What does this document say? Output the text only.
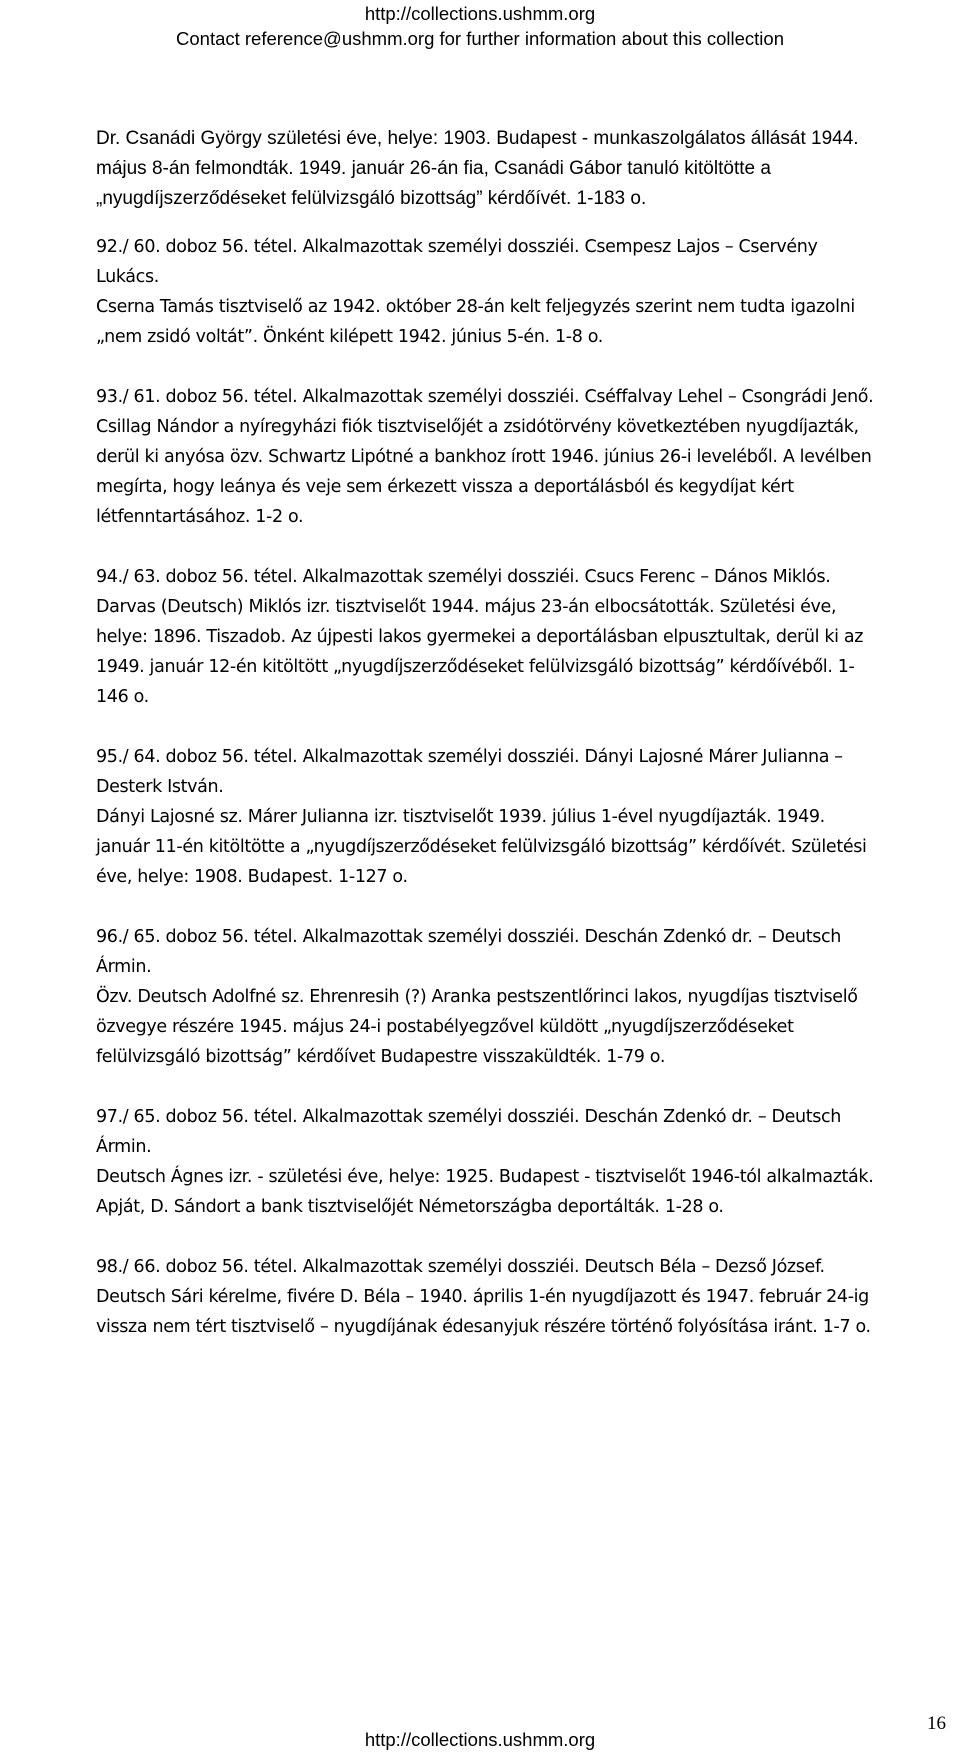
http://collections.ushmm.org
Contact reference@ushmm.org for further information about this collection

Dr. Csanádi György születési éve, helye: 1903. Budapest - munkaszolgálatos állását 1944. május 8-án felmondták. 1949. január 26-án fia, Csanádi Gábor tanuló kitöltötte a „nyugdíjszerződéseket felülvizsgáló bizottság” kérdőívét. 1-183 o.

92./ 60. doboz 56. tétel. Alkalmazottak személyi dossziéi. Csempesz Lajos – Cservény Lukács.
Cserna Tamás tisztviselő az 1942. október 28-án kelt feljegyzés szerint nem tudta igazolni „nem zsidó voltát”. Önként kilépett 1942. június 5-én. 1-8 o.
93./ 61. doboz 56. tétel. Alkalmazottak személyi dossziéi. Cséffalvay Lehel – Csongrádi Jenő.
Csillag Nándor a nyíregyházi fiók tisztviselőjét a zsidótörvény következtében nyugdíjazták, derül ki anyósa özv. Schwartz Lipótné a bankhoz írott 1946. június 26-i leveléből. A levélben megírta, hogy leánya és veje sem érkezett vissza a deportálásból és kegydíjat kért létfenntartásához. 1-2 o.
94./ 63. doboz 56. tétel. Alkalmazottak személyi dossziéi. Csucs Ferenc – Dános Miklós.
Darvas (Deutsch) Miklós izr. tisztviselőt 1944. május 23-án elbocsátották. Születési éve, helye: 1896. Tiszadob. Az újpesti lakos gyermekei a deportálásban elpusztultak, derül ki az 1949. január 12-én kitöltött „nyugdíjszerződéseket felülvizsgáló bizottság” kérdőívéből. 1-146 o.
95./ 64. doboz 56. tétel. Alkalmazottak személyi dossziéi. Dányi Lajosné Márer Julianna – Desterk István.
Dányi Lajosné sz. Márer Julianna izr. tisztviselőt 1939. július 1-ével nyugdíjazták. 1949. január 11-én kitöltötte a „nyugdíjszerződéseket felülvizsgáló bizottság” kérdőívét. Születési éve, helye: 1908. Budapest. 1-127 o.
96./ 65. doboz 56. tétel. Alkalmazottak személyi dossziéi. Deschán Zdenkó dr. – Deutsch Ármin.
Özv. Deutsch Adolfné sz. Ehrenresih (?) Aranka pestszentlőrinci lakos, nyugdíjas tisztviselő özvegye részére 1945. május 24-i postabélyegzővel küldött „nyugdíjszerződéseket felülvizsgáló bizottság” kérdőívet Budapestre visszaküldték. 1-79 o.
97./ 65. doboz 56. tétel. Alkalmazottak személyi dossziéi. Deschán Zdenkó dr. – Deutsch Ármin.
Deutsch Ágnes izr. - születési éve, helye: 1925. Budapest - tisztviselőt 1946-tól alkalmazták. Apját, D. Sándort a bank tisztviselőjét Németországba deportálták. 1-28 o.
98./ 66. doboz 56. tétel. Alkalmazottak személyi dossziéi. Deutsch Béla – Dezső József.
Deutsch Sári kérelme, fivére D. Béla – 1940. április 1-én nyugdíjazott és 1947. február 24-ig vissza nem tért tisztviselő – nyugdíjának édesanyjuk részére történő folyósítása iránt. 1-7 o.
16
http://collections.ushmm.org
